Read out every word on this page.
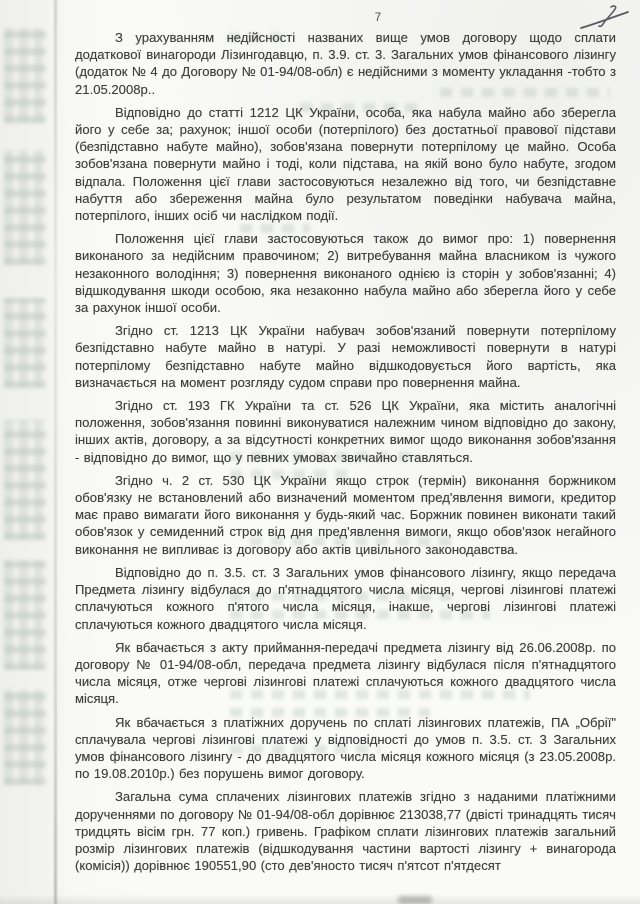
7

З урахуванням недійсності названих вище умов договору щодо сплати додаткової винагороди Лізингодавцю, п. 3.9. ст. 3. Загальних умов фінансового лізингу (додаток № 4 до Договору № 01-94/08-обл) є недійсними з моменту укладання -тобто з 21.05.2008р..

Відповідно до статті 1212 ЦК України, особа, яка набула майно або зберегла його у себе за; рахунок; іншої особи (потерпілого) без достатньої правової підстави (безпідставно набуте майно), зобов'язана повернути потерпілому це майно. Особа зобов'язана повернути майно і тоді, коли підстава, на якій воно було набуте, згодом відпала. Положення цієї глави застосовуються незалежно від того, чи безпідставне набуття або збереження майна було результатом поведінки набувача майна, потерпілого, інших осіб чи наслідком події.

Положення цієї глави застосовуються також до вимог про: 1) повернення виконаного за недійсним правочином; 2) витребування майна власником із чужого незаконного володіння; 3) повернення виконаного однією із сторін у зобов'язанні; 4) відшкодування шкоди особою, яка незаконно набула майно або зберегла його у себе за рахунок іншої особи.

Згідно ст. 1213 ЦК України набувач зобов'язаний повернути потерпілому безпідставно набуте майно в натурі. У разі неможливості повернути в натурі потерпілому безпідставно набуте майно відшкодовується його вартість, яка визначається на момент розгляду судом справи про повернення майна.

Згідно ст. 193 ГК України та ст. 526 ЦК України, яка містить аналогічні положення, зобов'язання повинні виконуватися належним чином відповідно до закону, інших актів, договору, а за відсутності конкретних вимог щодо виконання зобов'язання - відповідно до вимог, що у певних умовах звичайно ставляться.

Згідно ч. 2 ст. 530 ЦК України якщо строк (термін) виконання боржником обов'язку не встановлений або визначений моментом пред'явлення вимоги, кредитор має право вимагати його виконання у будь-який час. Боржник повинен виконати такий обов'язок у семиденний строк від дня пред'явлення вимоги, якщо обов'язок негайного виконання не випливає із договору або актів цивільного законодавства.

Відповідно до п. 3.5. ст. 3 Загальних умов фінансового лізингу, якщо передача Предмета лізингу відбулася до п'ятнадцятого числа місяця, чергові лізингові платежі сплачуються кожного п'ятого числа місяця, інакше, чергові лізингові платежі сплачуються кожного двадцятого числа місяця.

Як вбачається з акту приймання-передачі предмета лізингу від 26.06.2008р. по договору № 01-94/08-обл, передача предмета лізингу відбулася після п'ятнадцятого числа місяця, отже чергові лізингові платежі сплачуються кожного двадцятого числа місяця.

Як вбачається з платіжних доручень по сплаті лізингових платежів, ПА „Обрії" сплачувала чергові лізингові платежі у відповідності до умов п. 3.5. ст. 3 Загальних умов фінансового лізингу - до двадцятого числа місяця кожного місяця (з 23.05.2008р. по 19.08.2010р.) без порушень вимог договору.

Загальна сума сплачених лізингових платежів згідно з наданими платіжними дорученнями по договору № 01-94/08-обл дорівнює 213038,77 (двісті тринадцять тисяч тридцять вісім грн. 77 коп.) гривень. Графіком сплати лізингових платежів загальний розмір лізингових платежів (відшкодування частини вартості лізингу + винагорода (комісія)) дорівнює 190551,90 (сто дев'яносто тисяч п'ятсот п'ятдесят
